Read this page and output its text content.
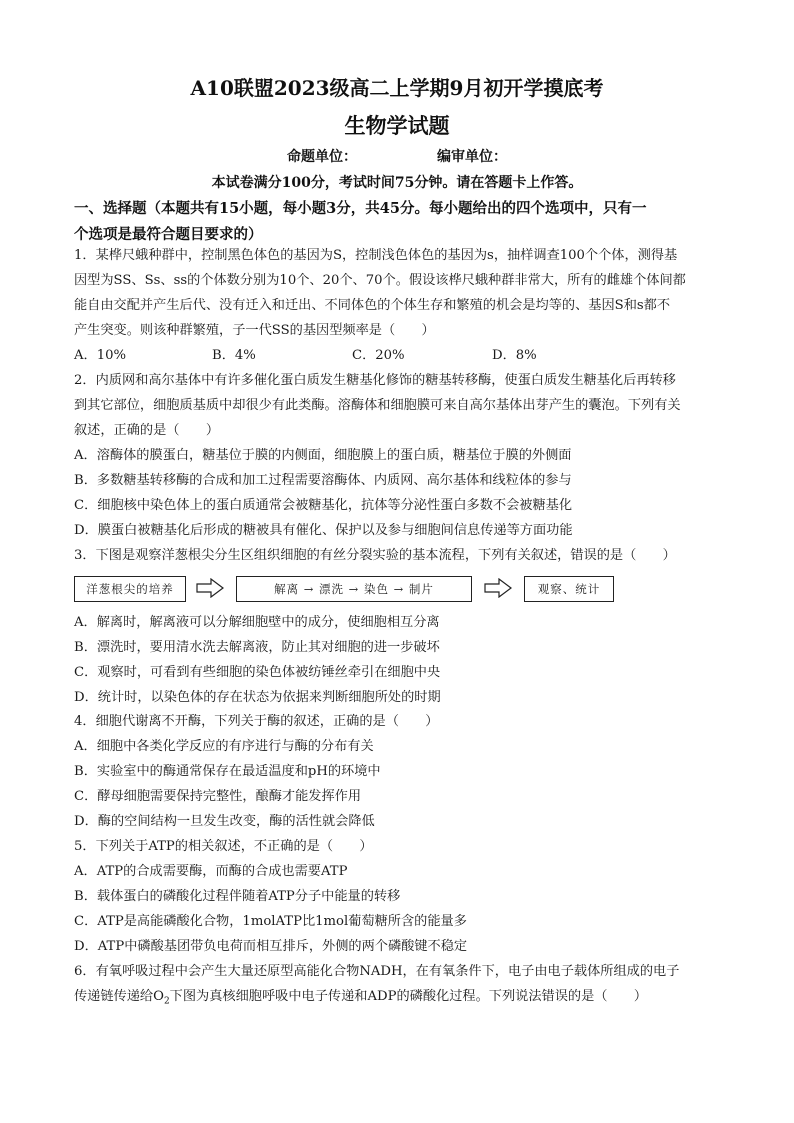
A10联盟2023级高二上学期9月初开学摸底考
生物学试题
命题单位：	编审单位：
本试卷满分100分，考试时间75分钟。请在答题卡上作答。
一、选择题（本题共有15小题，每小题3分，共45分。每小题给出的四个选项中，只有一
个选项是最符合题目要求的）
1．某桦尺蛾种群中，控制黑色体色的基因为S，控制浅色体色的基因为s，抽样调查100个个体，测得基
因型为SS、Ss、ss的个体数分别为10个、20个、70个。假设该桦尺蛾种群非常大，所有的雌雄个体间都
能自由交配并产生后代、没有迁入和迁出、不同体色的个体生存和繁殖的机会是均等的、基因S和s都不
产生突变。则该种群繁殖，子一代SS的基因型频率是（　　）
A．10%	B．4%	C．20%	D．8%
2．内质网和高尔基体中有许多催化蛋白质发生糖基化修饰的糖基转移酶，使蛋白质发生糖基化后再转移
到其它部位，细胞质基质中却很少有此类酶。溶酶体和细胞膜可来自高尔基体出芽产生的囊泡。下列有关
叙述，正确的是（　　）
A．溶酶体的膜蛋白，糖基位于膜的内侧面，细胞膜上的蛋白质，糖基位于膜的外侧面
B．多数糖基转移酶的合成和加工过程需要溶酶体、内质网、高尔基体和线粒体的参与
C．细胞核中染色体上的蛋白质通常会被糖基化，抗体等分泌性蛋白多数不会被糖基化
D．膜蛋白被糖基化后形成的糖被具有催化、保护以及参与细胞间信息传递等方面功能
3．下图是观察洋葱根尖分生区组织细胞的有丝分裂实验的基本流程，下列有关叙述，错误的是（　　）
洋葱根尖的培养	解离 → 漂洗 → 染色 → 制片	观察、统计
A．解离时，解离液可以分解细胞壁中的成分，使细胞相互分离
B．漂洗时，要用清水洗去解离液，防止其对细胞的进一步破坏
C．观察时，可看到有些细胞的染色体被纺锤丝牵引在细胞中央
D．统计时，以染色体的存在状态为依据来判断细胞所处的时期
4．细胞代谢离不开酶，下列关于酶的叙述，正确的是（　　）
A．细胞中各类化学反应的有序进行与酶的分布有关
B．实验室中的酶通常保存在最适温度和pH的环境中
C．酵母细胞需要保持完整性，酿酶才能发挥作用
D．酶的空间结构一旦发生改变，酶的活性就会降低
5．下列关于ATP的相关叙述，不正确的是（　　）
A．ATP的合成需要酶，而酶的合成也需要ATP
B．载体蛋白的磷酸化过程伴随着ATP分子中能量的转移
C．ATP是高能磷酸化合物，1molATP比1mol葡萄糖所含的能量多
D．ATP中磷酸基团带负电荷而相互排斥，外侧的两个磷酸键不稳定
6．有氧呼吸过程中会产生大量还原型高能化合物NADH，在有氧条件下，电子由电子载体所组成的电子
传递链传递给$O_2$下图为真核细胞呼吸中电子传递和ADP的磷酸化过程。下列说法错误的是（　　）
